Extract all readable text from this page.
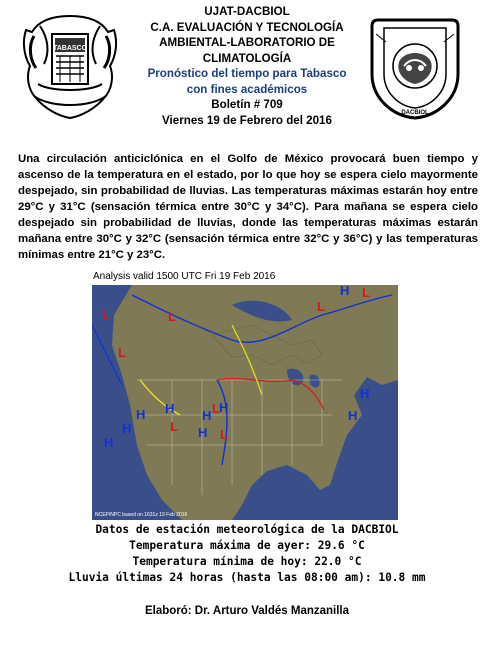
TABASCO
DACBIOL
UJAT-DACBIOL
C.A. EVALUACIÓN Y TECNOLOGÍA
AMBIENTAL-LABORATORIO DE
CLIMATOLOGÍA
Pronóstico del tiempo para Tabasco
con fines académicos
Boletín # 709
Viernes 19 de Febrero del 2016
Una circulación anticiclónica en el Golfo de México provocará buen tiempo y ascenso de la temperatura en el estado, por lo que hoy se espera cielo mayormente despejado, sin probabilidad de lluvias. Las temperaturas máximas estarán hoy entre 29°C y 31°C (sensación térmica entre 30°C y 34°C). Para mañana se espera cielo despejado sin probabilidad de lluvias, donde las temperaturas máximas estarán mañana entre 30°C y 32°C (sensación térmica entre 32°C y 36°C) y las temperaturas mínimas entre 21°C y 23°C.
Analysis valid 1500 UTC Fri 19 Feb 2016
H
H
H
H
H
H
H H
H
H
L	L
L
L
L
L
L
L
NCEP/NPC based on 1631z 19 Feb 2016
Datos de estación meteorológica de la DACBIOL
Temperatura máxima de ayer: 29.6 °C
Temperatura mínima de hoy: 22.0 °C
Lluvia últimas 24 horas (hasta las 08:00 am): 10.8 mm
Elaboró: Dr. Arturo Valdés Manzanilla
